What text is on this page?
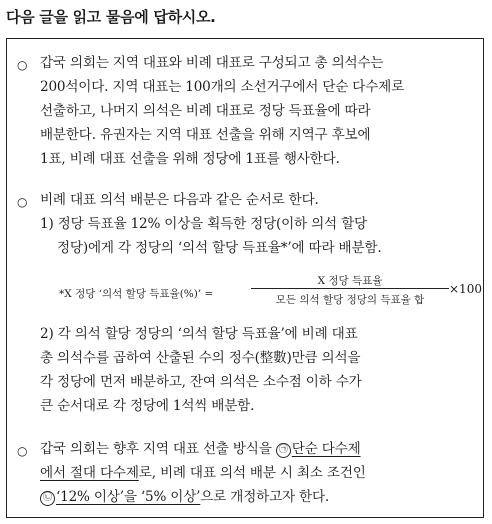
다음 글을 읽고 물음에 답하시오.
○ 갑국 의회는 지역 대표와 비례 대표로 구성되고 총 의석수는
200석이다. 지역 대표는 100개의 소선거구에서 단순 다수제로
선출하고, 나머지 의석은 비례 대표로 정당 득표율에 따라
배분한다. 유권자는 지역 대표 선출을 위해 지역구 후보에
1표, 비례 대표 선출을 위해 정당에 1표를 행사한다.
○ 비례 대표 의석 배분은 다음과 같은 순서로 한다.
1) 정당 득표율 12% 이상을 획득한 정당(이하 의석 할당
정당)에게 각 정당의 ‘의석 할당 득표율*’에 따라 배분함.
*X 정당 ‘의석 할당 득표율(%)’ =
X 정당 득표율
모든 의석 할당 정당의 득표율 합
×100
2) 각 의석 할당 정당의 ‘의석 할당 득표율’에 비례 대표
총 의석수를 곱하여 산출된 수의 정수(整數)만큼 의석을
각 정당에 먼저 배분하고, 잔여 의석은 소수점 이하 수가
큰 순서대로 각 정당에 1석씩 배분함.
○ 갑국 의회는 향후 지역 대표 선출 방식을 ㉠ 단순 다수제
에서 절대 다수제로, 비례 대표 의석 배분 시 최소 조건인
㉡ ‘12% 이상’을 ‘5% 이상’으로 개정하고자 한다.
